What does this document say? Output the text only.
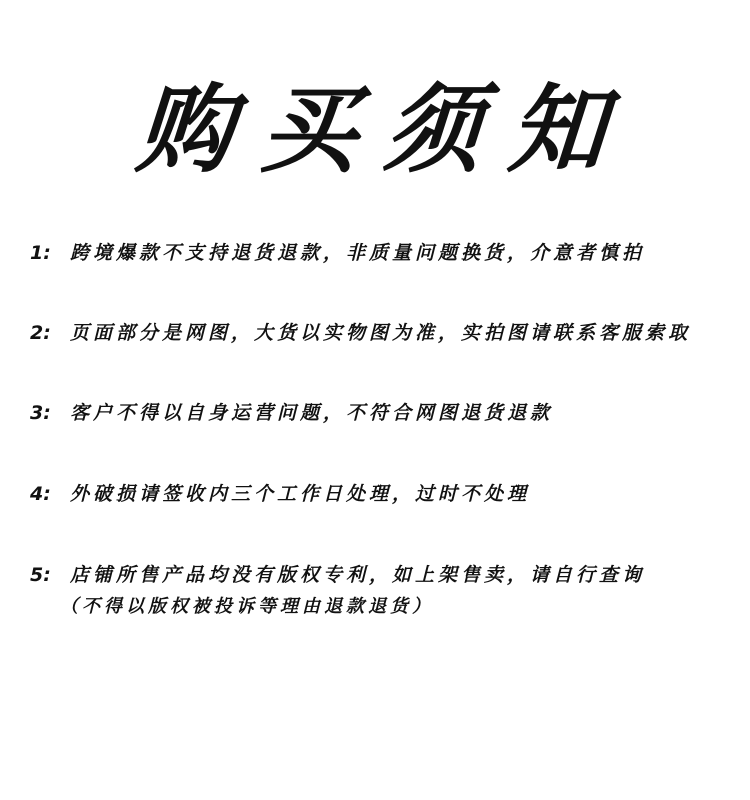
购买须知
1: 跨境爆款不支持退货退款，非质量问题换货，介意者慎拍
2: 页面部分是网图，大货以实物图为准，实拍图请联系客服索取
3: 客户不得以自身运营问题，不符合网图退货退款
4: 外破损请签收内三个工作日处理，过时不处理
5: 店铺所售产品均没有版权专利，如上架售卖，请自行查询
（不得以版权被投诉等理由退款退货）
